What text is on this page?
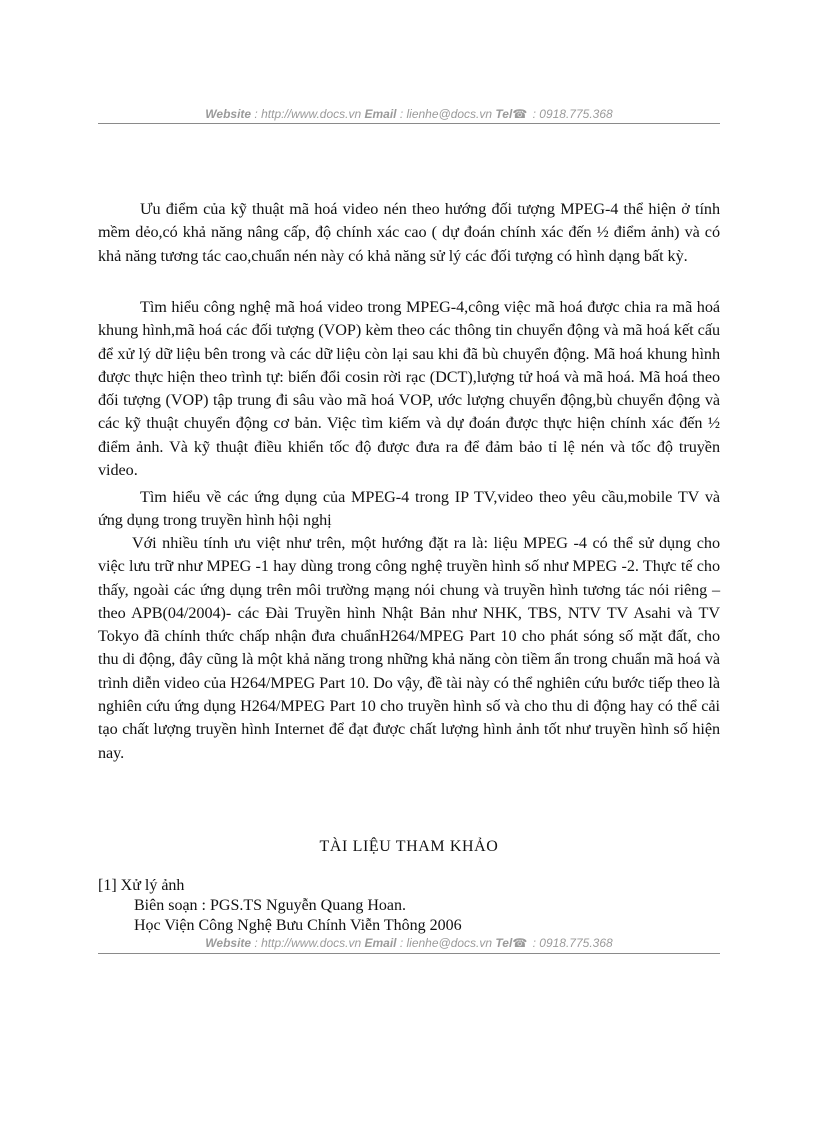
Website : http://www.docs.vn Email : lienhe@docs.vn Tel☎ : 0918.775.368

Ưu điểm của kỹ thuật mã hoá video nén theo hướng đối tượng MPEG-4 thể hiện ở tính mềm dẻo,có khả năng nâng cấp, độ chính xác cao ( dự đoán chính xác đến ½ điểm ảnh) và có khả năng tương tác cao,chuẩn nén này có khả năng sử lý các đối tượng có hình dạng bất kỳ.

Tìm hiểu công nghệ mã hoá video trong MPEG-4,công việc mã hoá được chia ra mã hoá khung hình,mã hoá các đối tượng (VOP) kèm theo các thông tin chuyển động và mã hoá kết cấu để xử lý dữ liệu bên trong và các dữ liệu còn lại sau khi đã bù chuyển động. Mã hoá khung hình được thực hiện theo trình tự: biến đổi cosin rời rạc (DCT),lượng tử hoá và mã hoá. Mã hoá theo đối tượng (VOP) tập trung đi sâu vào mã hoá VOP, ước lượng chuyển động,bù chuyển động và các kỹ thuật chuyển động cơ bản. Việc tìm kiếm và dự đoán được thực hiện chính xác đến ½ điểm ảnh. Và kỹ thuật điều khiển tốc độ được đưa ra để đảm bảo tỉ lệ nén và tốc độ truyền video.

Tìm hiểu về các ứng dụng của MPEG-4 trong IP TV,video theo yêu cầu,mobile TV và ứng dụng trong truyền hình hội nghị

Với nhiều tính ưu việt như trên, một hướng đặt ra là: liệu MPEG -4 có thể sử dụng cho việc lưu trữ như MPEG -1 hay dùng trong công nghệ truyền hình số như MPEG -2. Thực tế cho thấy, ngoài các ứng dụng trên môi trường mạng nói chung và truyền hình tương tác nói riêng – theo APB(04/2004)- các Đài Truyền hình Nhật Bản như NHK, TBS, NTV TV Asahi và TV Tokyo đã chính thức chấp nhận đưa chuẩnH264/MPEG Part 10 cho phát sóng số mặt đất, cho thu di động, đây cũng là một khả năng trong những khả năng còn tiềm ẩn trong chuẩn mã hoá và trình diễn video của H264/MPEG Part 10. Do vậy, đề tài này có thể nghiên cứu bước tiếp theo là nghiên cứu ứng dụng H264/MPEG Part 10 cho truyền hình số và cho thu di động hay có thể cải tạo chất lượng truyền hình Internet để đạt được chất lượng hình ảnh tốt như truyền hình số hiện nay.

TÀI LIỆU THAM KHẢO
[1] Xử lý ảnh
Biên soạn : PGS.TS Nguyễn Quang Hoan.
Học Viện Công Nghệ Bưu Chính Viễn Thông 2006
Website : http://www.docs.vn Email : lienhe@docs.vn Tel☎ : 0918.775.368
